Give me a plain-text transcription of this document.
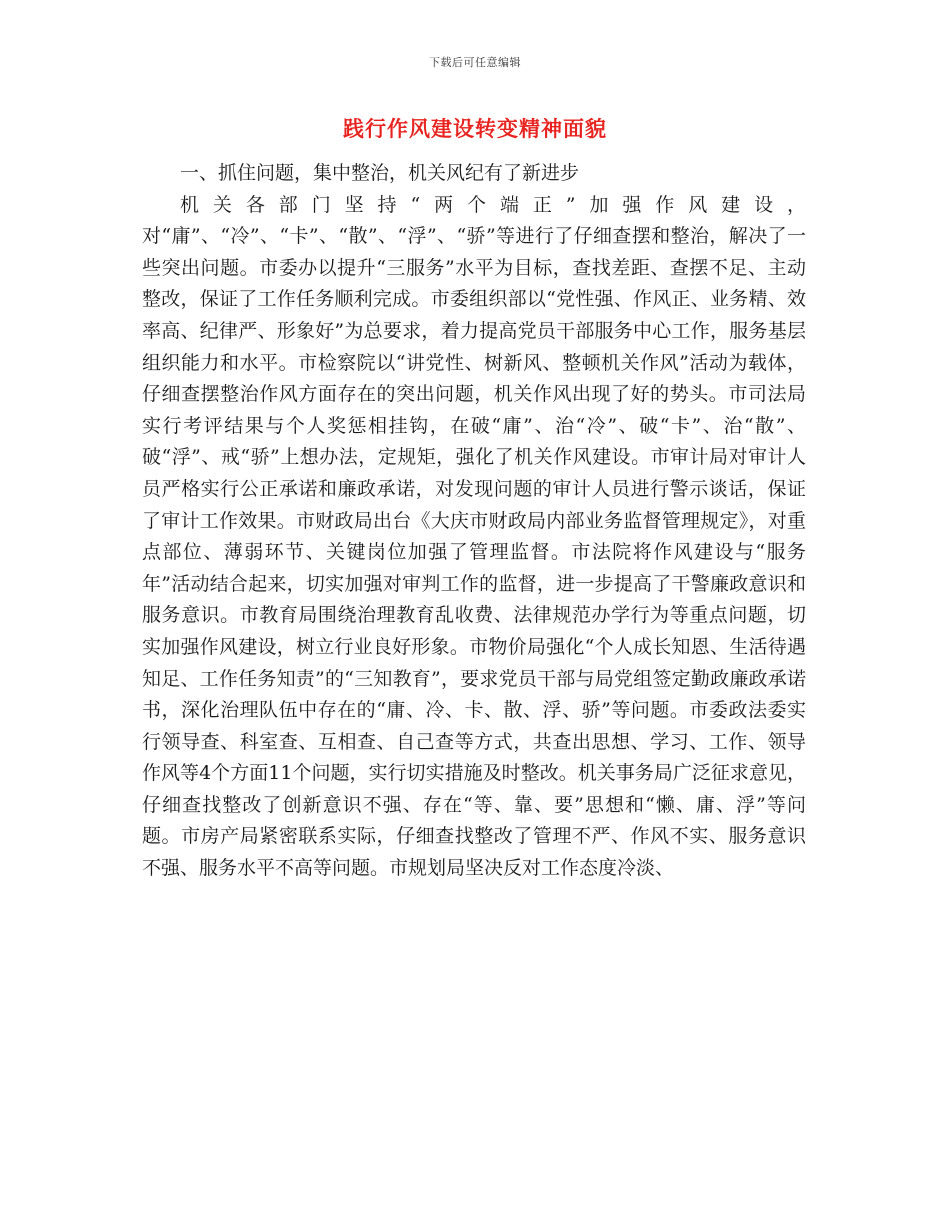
下载后可任意编辑
践行作风建设转变精神面貌

一、抓住问题，集中整治，机关风纪有了新进步

机关各部门坚持“两个端正”加强作风建设，对“庸”、“冷”、“卡”、“散”、“浮”、“骄”等进行了仔细查摆和整治，解决了一些突出问题。市委办以提升“三服务”水平为目标，查找差距、查摆不足、主动整改，保证了工作任务顺利完成。市委组织部以“党性强、作风正、业务精、效率高、纪律严、形象好”为总要求，着力提高党员干部服务中心工作，服务基层组织能力和水平。市检察院以“讲党性、树新风、整顿机关作风”活动为载体，仔细查摆整治作风方面存在的突出问题，机关作风出现了好的势头。市司法局实行考评结果与个人奖惩相挂钩，在破“庸”、治“冷”、破“卡”、治“散”、破“浮”、戒“骄”上想办法，定规矩，强化了机关作风建设。市审计局对审计人员严格实行公正承诺和廉政承诺，对发现问题的审计人员进行警示谈话，保证了审计工作效果。市财政局出台《大庆市财政局内部业务监督管理规定》，对重点部位、薄弱环节、关键岗位加强了管理监督。市法院将作风建设与“服务年”活动结合起来，切实加强对审判工作的监督，进一步提高了干警廉政意识和服务意识。市教育局围绕治理教育乱收费、法律规范办学行为等重点问题，切实加强作风建设，树立行业良好形象。市物价局强化“个人成长知恩、生活待遇知足、工作任务知责”的“三知教育”，要求党员干部与局党组签定勤政廉政承诺书，深化治理队伍中存在的“庸、冷、卡、散、浮、骄”等问题。市委政法委实行领导查、科室查、互相查、自己查等方式，共查出思想、学习、工作、领导作风等4个方面11个问题，实行切实措施及时整改。机关事务局广泛征求意见，仔细查找整改了创新意识不强、存在“等、靠、要”思想和“懒、庸、浮”等问题。市房产局紧密联系实际，仔细查找整改了管理不严、作风不实、服务意识不强、服务水平不高等问题。市规划局坚决反对工作态度冷淡、
